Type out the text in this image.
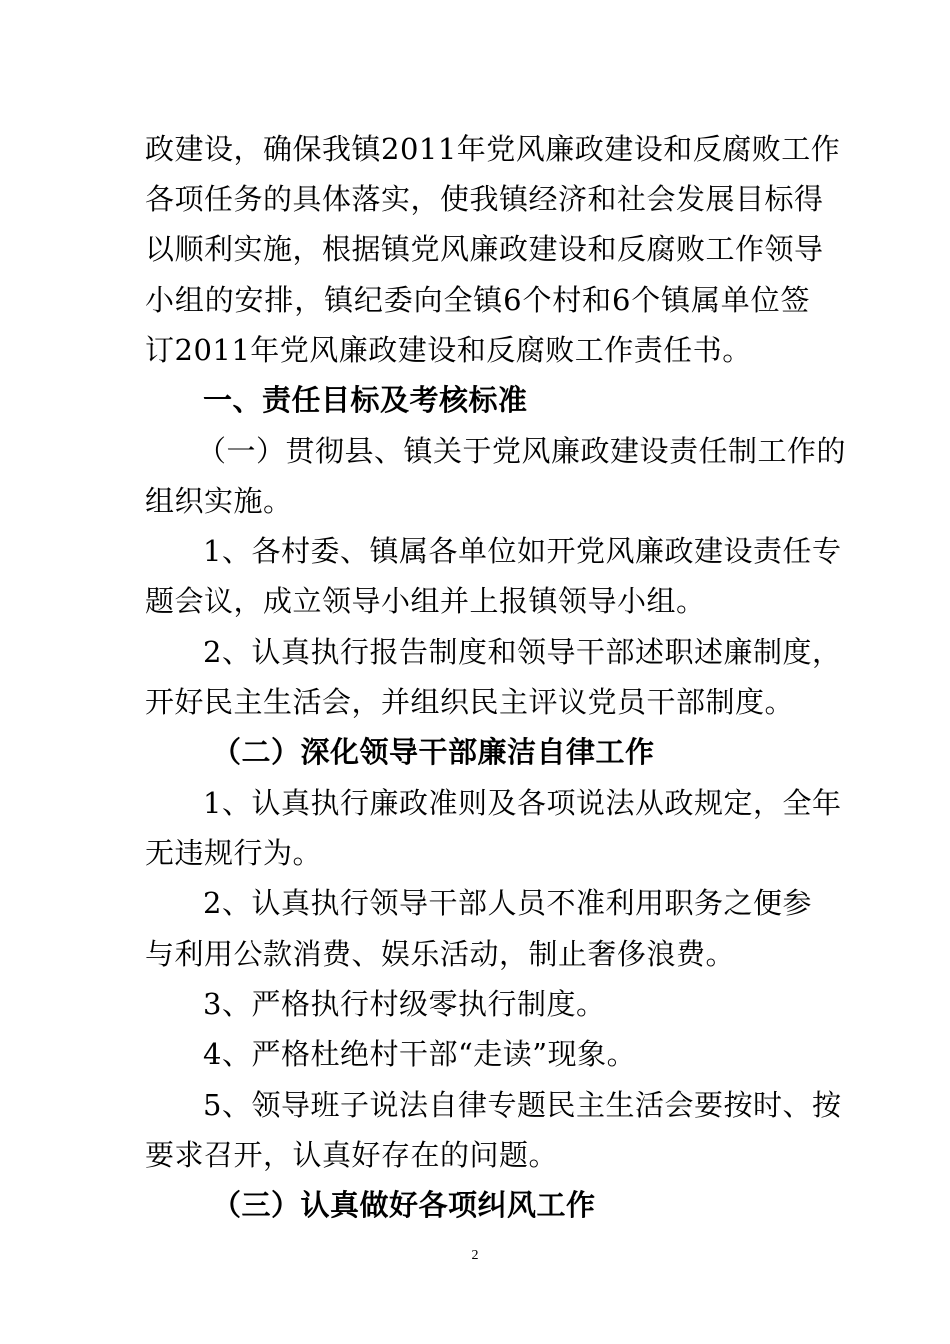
政建设，确保我镇2011年党风廉政建设和反腐败工作
各项任务的具体落实，使我镇经济和社会发展目标得
以顺利实施，根据镇党风廉政建设和反腐败工作领导
小组的安排，镇纪委向全镇6个村和6个镇属单位签
订2011年党风廉政建设和反腐败工作责任书。
一、责任目标及考核标准
（一）贯彻县、镇关于党风廉政建设责任制工作的
组织实施。
1、各村委、镇属各单位如开党风廉政建设责任专
题会议，成立领导小组并上报镇领导小组。
2、认真执行报告制度和领导干部述职述廉制度，
开好民主生活会，并组织民主评议党员干部制度。
（二）深化领导干部廉洁自律工作
1、认真执行廉政准则及各项说法从政规定，全年
无违规行为。
2、认真执行领导干部人员不准利用职务之便参
与利用公款消费、娱乐活动，制止奢侈浪费。
3、严格执行村级零执行制度。
4、严格杜绝村干部“走读”现象。
5、领导班子说法自律专题民主生活会要按时、按
要求召开，认真好存在的问题。
（三）认真做好各项纠风工作
2
